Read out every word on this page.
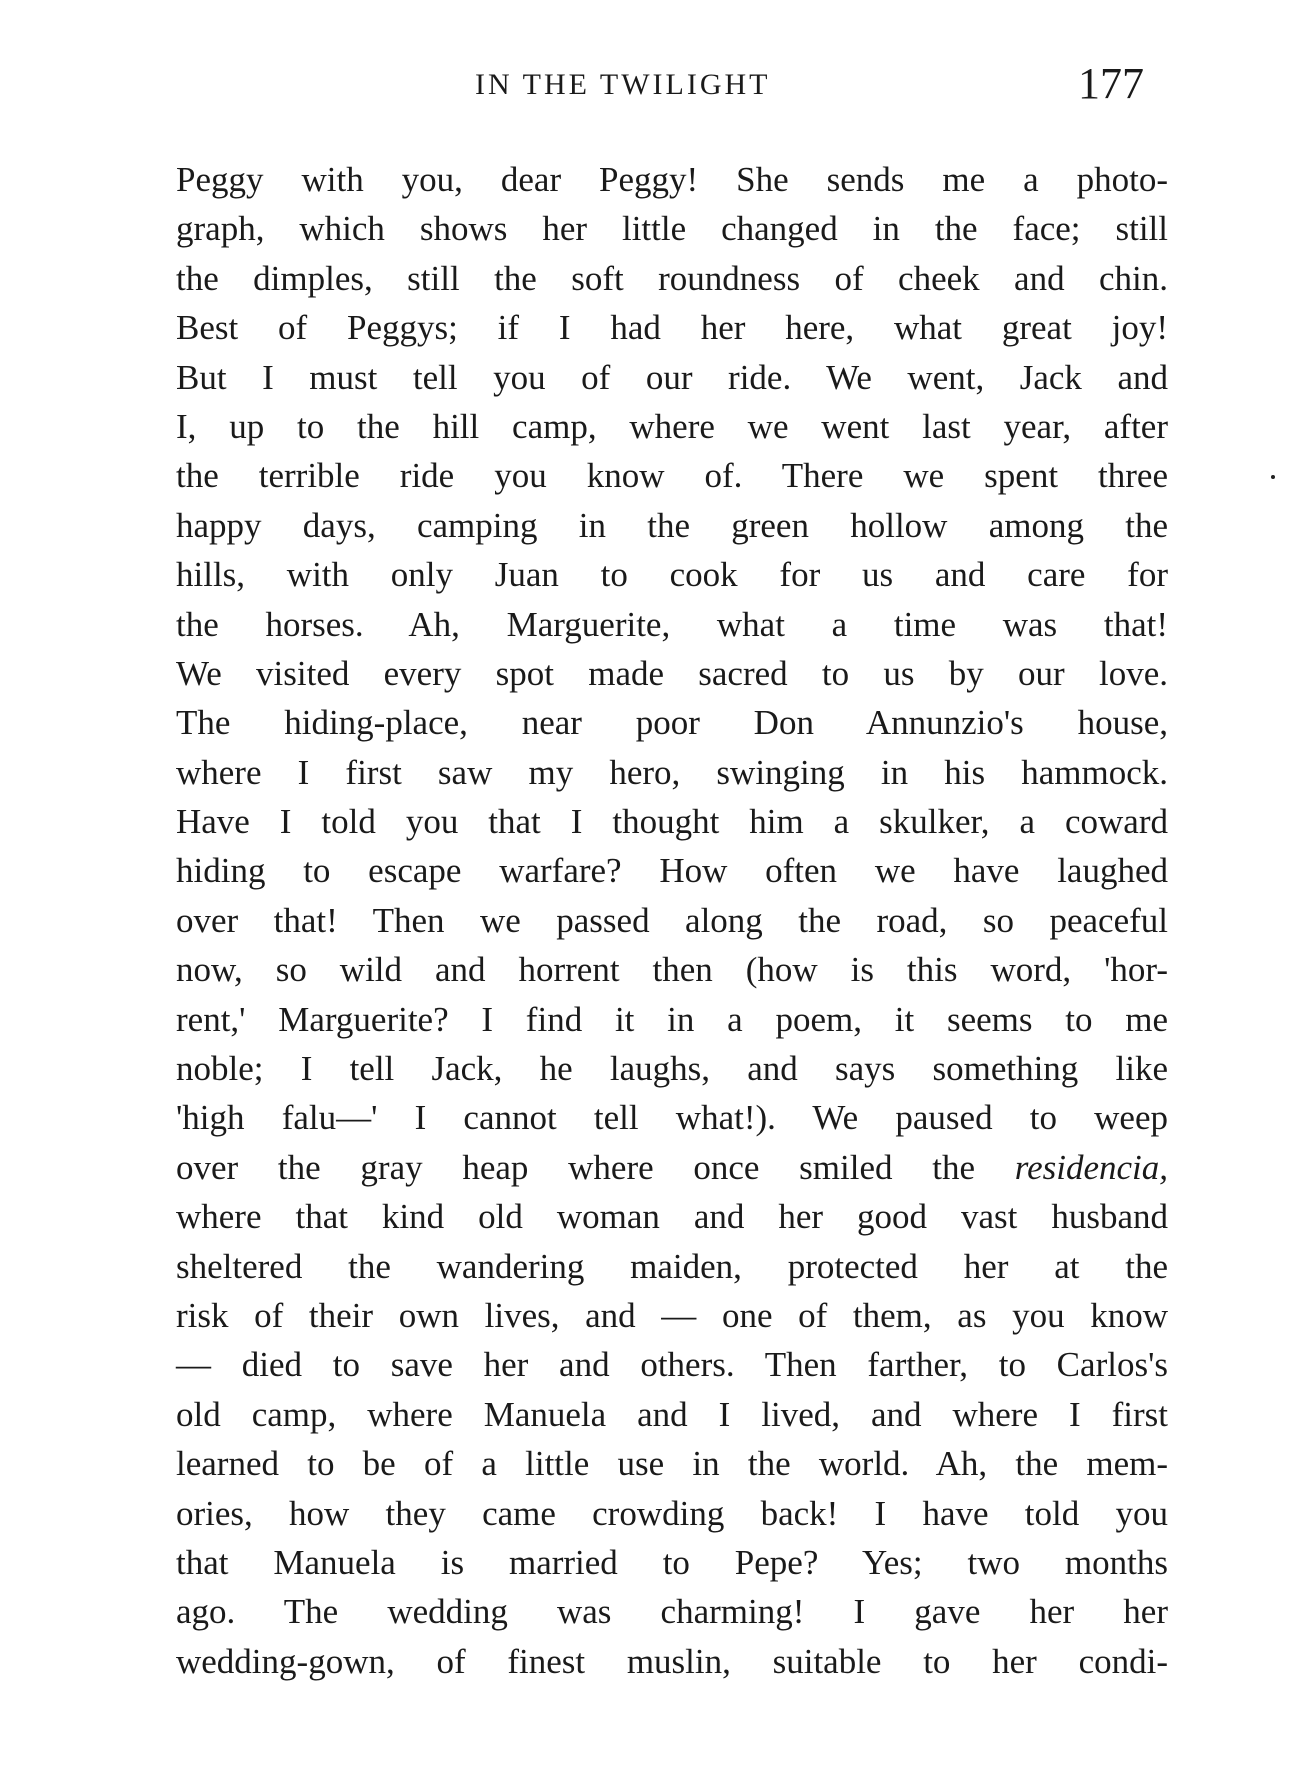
IN THE TWILIGHT	177
Peggy with you, dear Peggy! She sends me a photo-
graph, which shows her little changed in the face; still
the dimples, still the soft roundness of cheek and chin.
Best of Peggys; if I had her here, what great joy!
But I must tell you of our ride. We went, Jack and
I, up to the hill camp, where we went last year, after
the terrible ride you know of. There we spent three
happy days, camping in the green hollow among the
hills, with only Juan to cook for us and care for
the horses. Ah, Marguerite, what a time was that!
We visited every spot made sacred to us by our love.
The hiding-place, near poor Don Annunzio's house,
where I first saw my hero, swinging in his hammock.
Have I told you that I thought him a skulker, a coward
hiding to escape warfare? How often we have laughed
over that! Then we passed along the road, so peaceful
now, so wild and horrent then (how is this word, 'hor-
rent,' Marguerite? I find it in a poem, it seems to me
noble; I tell Jack, he laughs, and says something like
'high falu—' I cannot tell what!). We paused to weep
over the gray heap where once smiled the residencia,
where that kind old woman and her good vast husband
sheltered the wandering maiden, protected her at the
risk of their own lives, and — one of them, as you know
— died to save her and others. Then farther, to Carlos's
old camp, where Manuela and I lived, and where I first
learned to be of a little use in the world. Ah, the mem-
ories, how they came crowding back! I have told you
that Manuela is married to Pepe? Yes; two months
ago. The wedding was charming! I gave her her
wedding-gown, of finest muslin, suitable to her condi-
